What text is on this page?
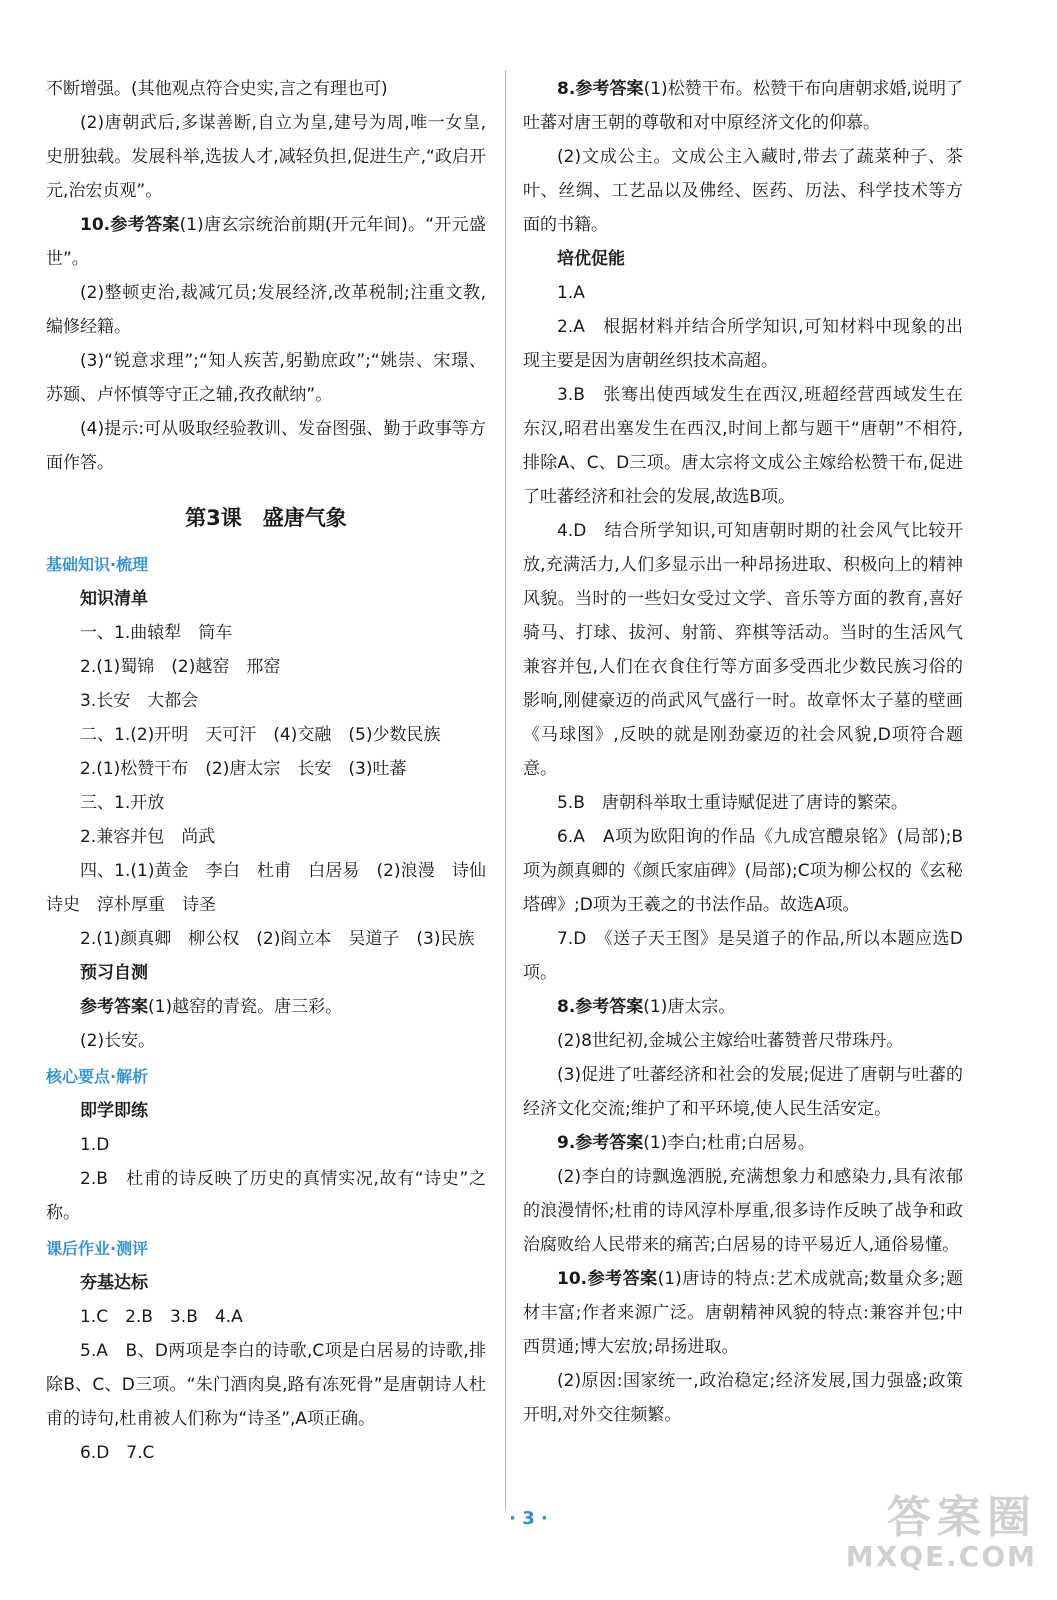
不断增强。(其他观点符合史实,言之有理也可)

(2)唐朝武后,多谋善断,自立为皇,建号为周,唯一女皇,史册独载。发展科举,选拔人才,减轻负担,促进生产,“政启开元,治宏贞观”。

10.参考答案(1)唐玄宗统治前期(开元年间)。“开元盛世”。

(2)整顿吏治,裁减冗员;发展经济,改革税制;注重文教,编修经籍。

(3)“锐意求理”;“知人疾苦,躬勤庶政”;“姚崇、宋璟、苏颋、卢怀慎等守正之辅,孜孜献纳”。

(4)提示:可从吸取经验教训、发奋图强、勤于政事等方面作答。

第3课　盛唐气象

基础知识·梳理

知识清单

一、1.曲辕犁　筒车

2.(1)蜀锦　(2)越窑　邢窑

3.长安　大都会

二、1.(2)开明　天可汗　(4)交融　(5)少数民族

2.(1)松赞干布　(2)唐太宗　长安　(3)吐蕃

三、1.开放

2.兼容并包　尚武

四、1.(1)黄金　李白　杜甫　白居易　(2)浪漫　诗仙　诗史　淳朴厚重　诗圣

2.(1)颜真卿　柳公权　(2)阎立本　吴道子　(3)民族

预习自测

参考答案(1)越窑的青瓷。唐三彩。

(2)长安。

核心要点·解析

即学即练

1.D

2.B　杜甫的诗反映了历史的真情实况,故有“诗史”之称。

课后作业·测评

夯基达标

1.C　2.B　3.B　4.A

5.A　B、D两项是李白的诗歌,C项是白居易的诗歌,排除B、C、D三项。“朱门酒肉臭,路有冻死骨”是唐朝诗人杜甫的诗句,杜甫被人们称为“诗圣”,A项正确。

6.D　7.C

8.参考答案(1)松赞干布。松赞干布向唐朝求婚,说明了吐蕃对唐王朝的尊敬和对中原经济文化的仰慕。

(2)文成公主。文成公主入藏时,带去了蔬菜种子、茶叶、丝绸、工艺品以及佛经、医药、历法、科学技术等方面的书籍。

培优促能

1.A

2.A　根据材料并结合所学知识,可知材料中现象的出现主要是因为唐朝丝织技术高超。

3.B　张骞出使西域发生在西汉,班超经营西域发生在东汉,昭君出塞发生在西汉,时间上都与题干“唐朝”不相符,排除A、C、D三项。唐太宗将文成公主嫁给松赞干布,促进了吐蕃经济和社会的发展,故选B项。

4.D　结合所学知识,可知唐朝时期的社会风气比较开放,充满活力,人们多显示出一种昂扬进取、积极向上的精神风貌。当时的一些妇女受过文学、音乐等方面的教育,喜好骑马、打球、拔河、射箭、弈棋等活动。当时的生活风气兼容并包,人们在衣食住行等方面多受西北少数民族习俗的影响,刚健豪迈的尚武风气盛行一时。故章怀太子墓的壁画《马球图》,反映的就是刚劲豪迈的社会风貌,D项符合题意。

5.B　唐朝科举取士重诗赋促进了唐诗的繁荣。

6.A　A项为欧阳询的作品《九成宫醴泉铭》(局部);B项为颜真卿的《颜氏家庙碑》(局部);C项为柳公权的《玄秘塔碑》;D项为王羲之的书法作品。故选A项。

7.D　《送子天王图》是吴道子的作品,所以本题应选D项。

8.参考答案(1)唐太宗。

(2)8世纪初,金城公主嫁给吐蕃赞普尺带珠丹。

(3)促进了吐蕃经济和社会的发展;促进了唐朝与吐蕃的经济文化交流;维护了和平环境,使人民生活安定。

9.参考答案(1)李白;杜甫;白居易。

(2)李白的诗飘逸洒脱,充满想象力和感染力,具有浓郁的浪漫情怀;杜甫的诗风淳朴厚重,很多诗作反映了战争和政治腐败给人民带来的痛苦;白居易的诗平易近人,通俗易懂。

10.参考答案(1)唐诗的特点:艺术成就高;数量众多;题材丰富;作者来源广泛。唐朝精神风貌的特点:兼容并包;中西贯通;博大宏放;昂扬进取。

(2)原因:国家统一,政治稳定;经济发展,国力强盛;政策开明,对外交往频繁。

· 3 ·	答案圈
MXQE.COM
